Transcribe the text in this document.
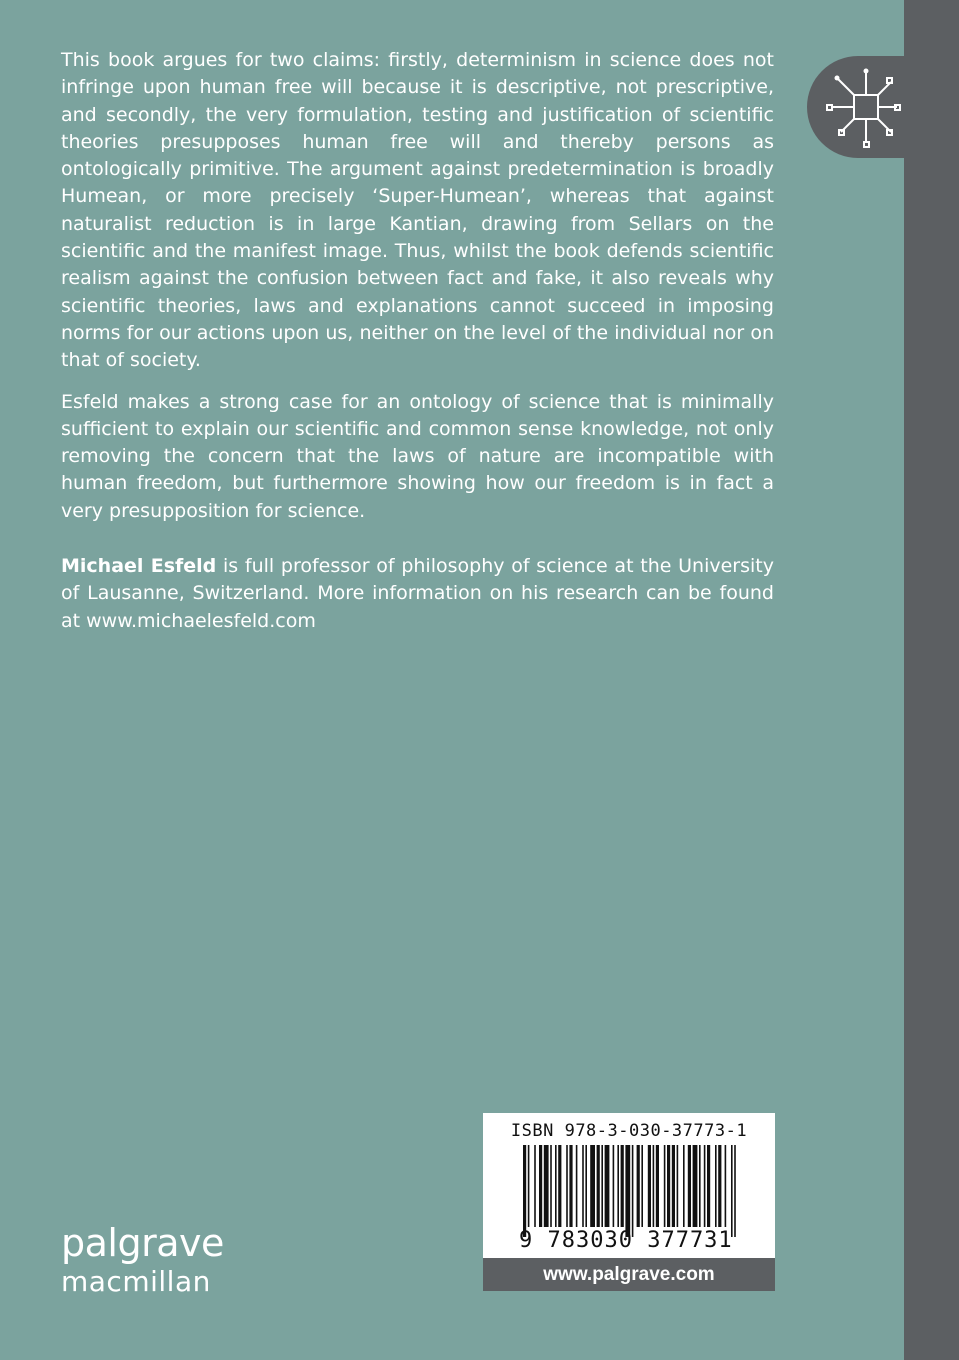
This book argues for two claims: firstly, determinism in science does not infringe upon human free will because it is descriptive, not prescriptive, and secondly, the very formulation, testing and justification of scientific theories presupposes human free will and thereby persons as ontologically primitive. The argument against predetermination is broadly Humean, or more precisely ‘Super-Humean’, whereas that against naturalist reduction is in large Kantian, drawing from Sellars on the scientific and the manifest image. Thus, whilst the book defends scientific realism against the confusion between fact and fake, it also reveals why scientific theories, laws and explanations cannot succeed in imposing norms for our actions upon us, neither on the level of the individual nor on that of society.

Esfeld makes a strong case for an ontology of science that is minimally sufficient to explain our scientific and common sense knowledge, not only removing the concern that the laws of nature are incompatible with human freedom, but furthermore showing how our freedom is in fact a very presupposition for science.

Michael Esfeld is full professor of philosophy of science at the University of Lausanne, Switzerland. More information on his research can be found at www.michaelesfeld.com

palgrave
macmillan
ISBN 978-3-030-37773-1
9 783030 377731
www.palgrave.com
